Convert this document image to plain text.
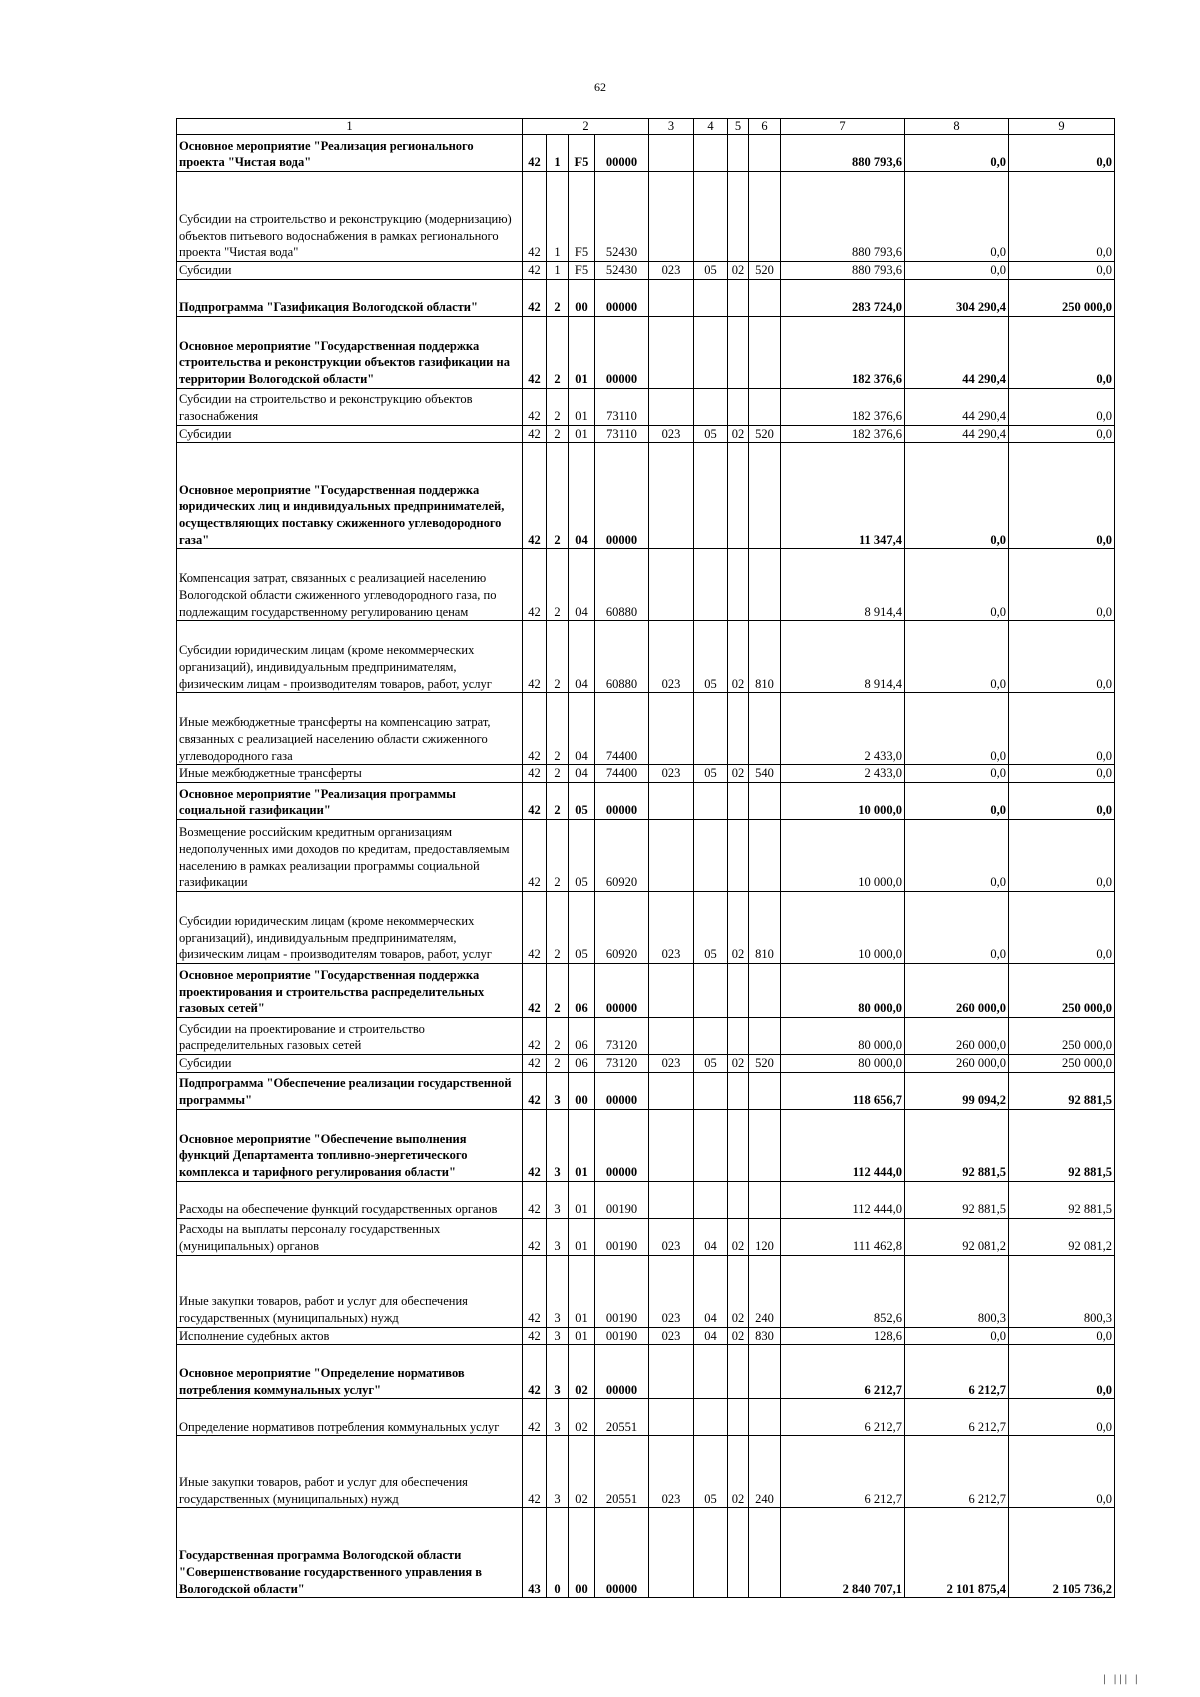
62
1	2				3	4	5	6	7	8	9
Основное мероприятие "Реализация регионального проекта "Чистая вода"	42	1	F5	00000					880 793,6	0,0	0,0
Субсидии на строительство и реконструкцию (модернизацию) объектов питьевого водоснабжения в рамках регионального проекта "Чистая вода"	42	1	F5	52430					880 793,6	0,0	0,0
Субсидии	42	1	F5	52430	023	05	02	520	880 793,6	0,0	0,0
Подпрограмма "Газификация Вологодской области"	42	2	00	00000					283 724,0	304 290,4	250 000,0
Основное мероприятие "Государственная поддержка строительства и реконструкции объектов газификации на территории Вологодской области"	42	2	01	00000					182 376,6	44 290,4	0,0
Субсидии на строительство и реконструкцию объектов газоснабжения	42	2	01	73110					182 376,6	44 290,4	0,0
Субсидии	42	2	01	73110	023	05	02	520	182 376,6	44 290,4	0,0
Основное мероприятие "Государственная поддержка юридических лиц и индивидуальных предпринимателей, осуществляющих поставку сжиженного углеводородного газа"	42	2	04	00000					11 347,4	0,0	0,0
Компенсация затрат, связанных с реализацией населению Вологодской области сжиженного углеводородного газа, по подлежащим государственному регулированию ценам	42	2	04	60880					8 914,4	0,0	0,0
Субсидии юридическим лицам (кроме некоммерческих организаций), индивидуальным предпринимателям, физическим лицам - производителям товаров, работ, услуг	42	2	04	60880	023	05	02	810	8 914,4	0,0	0,0
Иные межбюджетные трансферты на компенсацию затрат, связанных с реализацией населению области сжиженного углеводородного газа	42	2	04	74400					2 433,0	0,0	0,0
Иные межбюджетные трансферты	42	2	04	74400	023	05	02	540	2 433,0	0,0	0,0
Основное мероприятие "Реализация программы социальной газификации"	42	2	05	00000					10 000,0	0,0	0,0
Возмещение российским кредитным организациям недополученных ими доходов по кредитам, предоставляемым населению в рамках реализации программы социальной газификации	42	2	05	60920					10 000,0	0,0	0,0
Субсидии юридическим лицам (кроме некоммерческих организаций), индивидуальным предпринимателям, физическим лицам - производителям товаров, работ, услуг	42	2	05	60920	023	05	02	810	10 000,0	0,0	0,0
Основное мероприятие "Государственная поддержка проектирования и строительства распределительных газовых сетей"	42	2	06	00000					80 000,0	260 000,0	250 000,0
Субсидии на проектирование и строительство распределительных газовых сетей	42	2	06	73120					80 000,0	260 000,0	250 000,0
Субсидии	42	2	06	73120	023	05	02	520	80 000,0	260 000,0	250 000,0
Подпрограмма "Обеспечение реализации государственной программы"	42	3	00	00000					118 656,7	99 094,2	92 881,5
Основное мероприятие "Обеспечение выполнения функций Департамента топливно-энергетического комплекса и тарифного регулирования области"	42	3	01	00000					112 444,0	92 881,5	92 881,5
Расходы на обеспечение функций государственных органов	42	3	01	00190					112 444,0	92 881,5	92 881,5
Расходы на выплаты персоналу государственных (муниципальных) органов	42	3	01	00190	023	04	02	120	111 462,8	92 081,2	92 081,2
Иные закупки товаров, работ и услуг для обеспечения государственных (муниципальных) нужд	42	3	01	00190	023	04	02	240	852,6	800,3	800,3
Исполнение судебных актов	42	3	01	00190	023	04	02	830	128,6	0,0	0,0
Основное мероприятие "Определение нормативов потребления коммунальных услуг"	42	3	02	00000					6 212,7	6 212,7	0,0
Определение нормативов потребления коммунальных услуг	42	3	02	20551					6 212,7	6 212,7	0,0
Иные закупки товаров, работ и услуг для обеспечения государственных (муниципальных) нужд	42	3	02	20551	023	05	02	240	6 212,7	6 212,7	0,0
Государственная программа Вологодской области "Совершенствование государственного управления в Вологодской области"	43	0	00	00000					2 840 707,1	2 101 875,4	2 105 736,2
| ||| |
